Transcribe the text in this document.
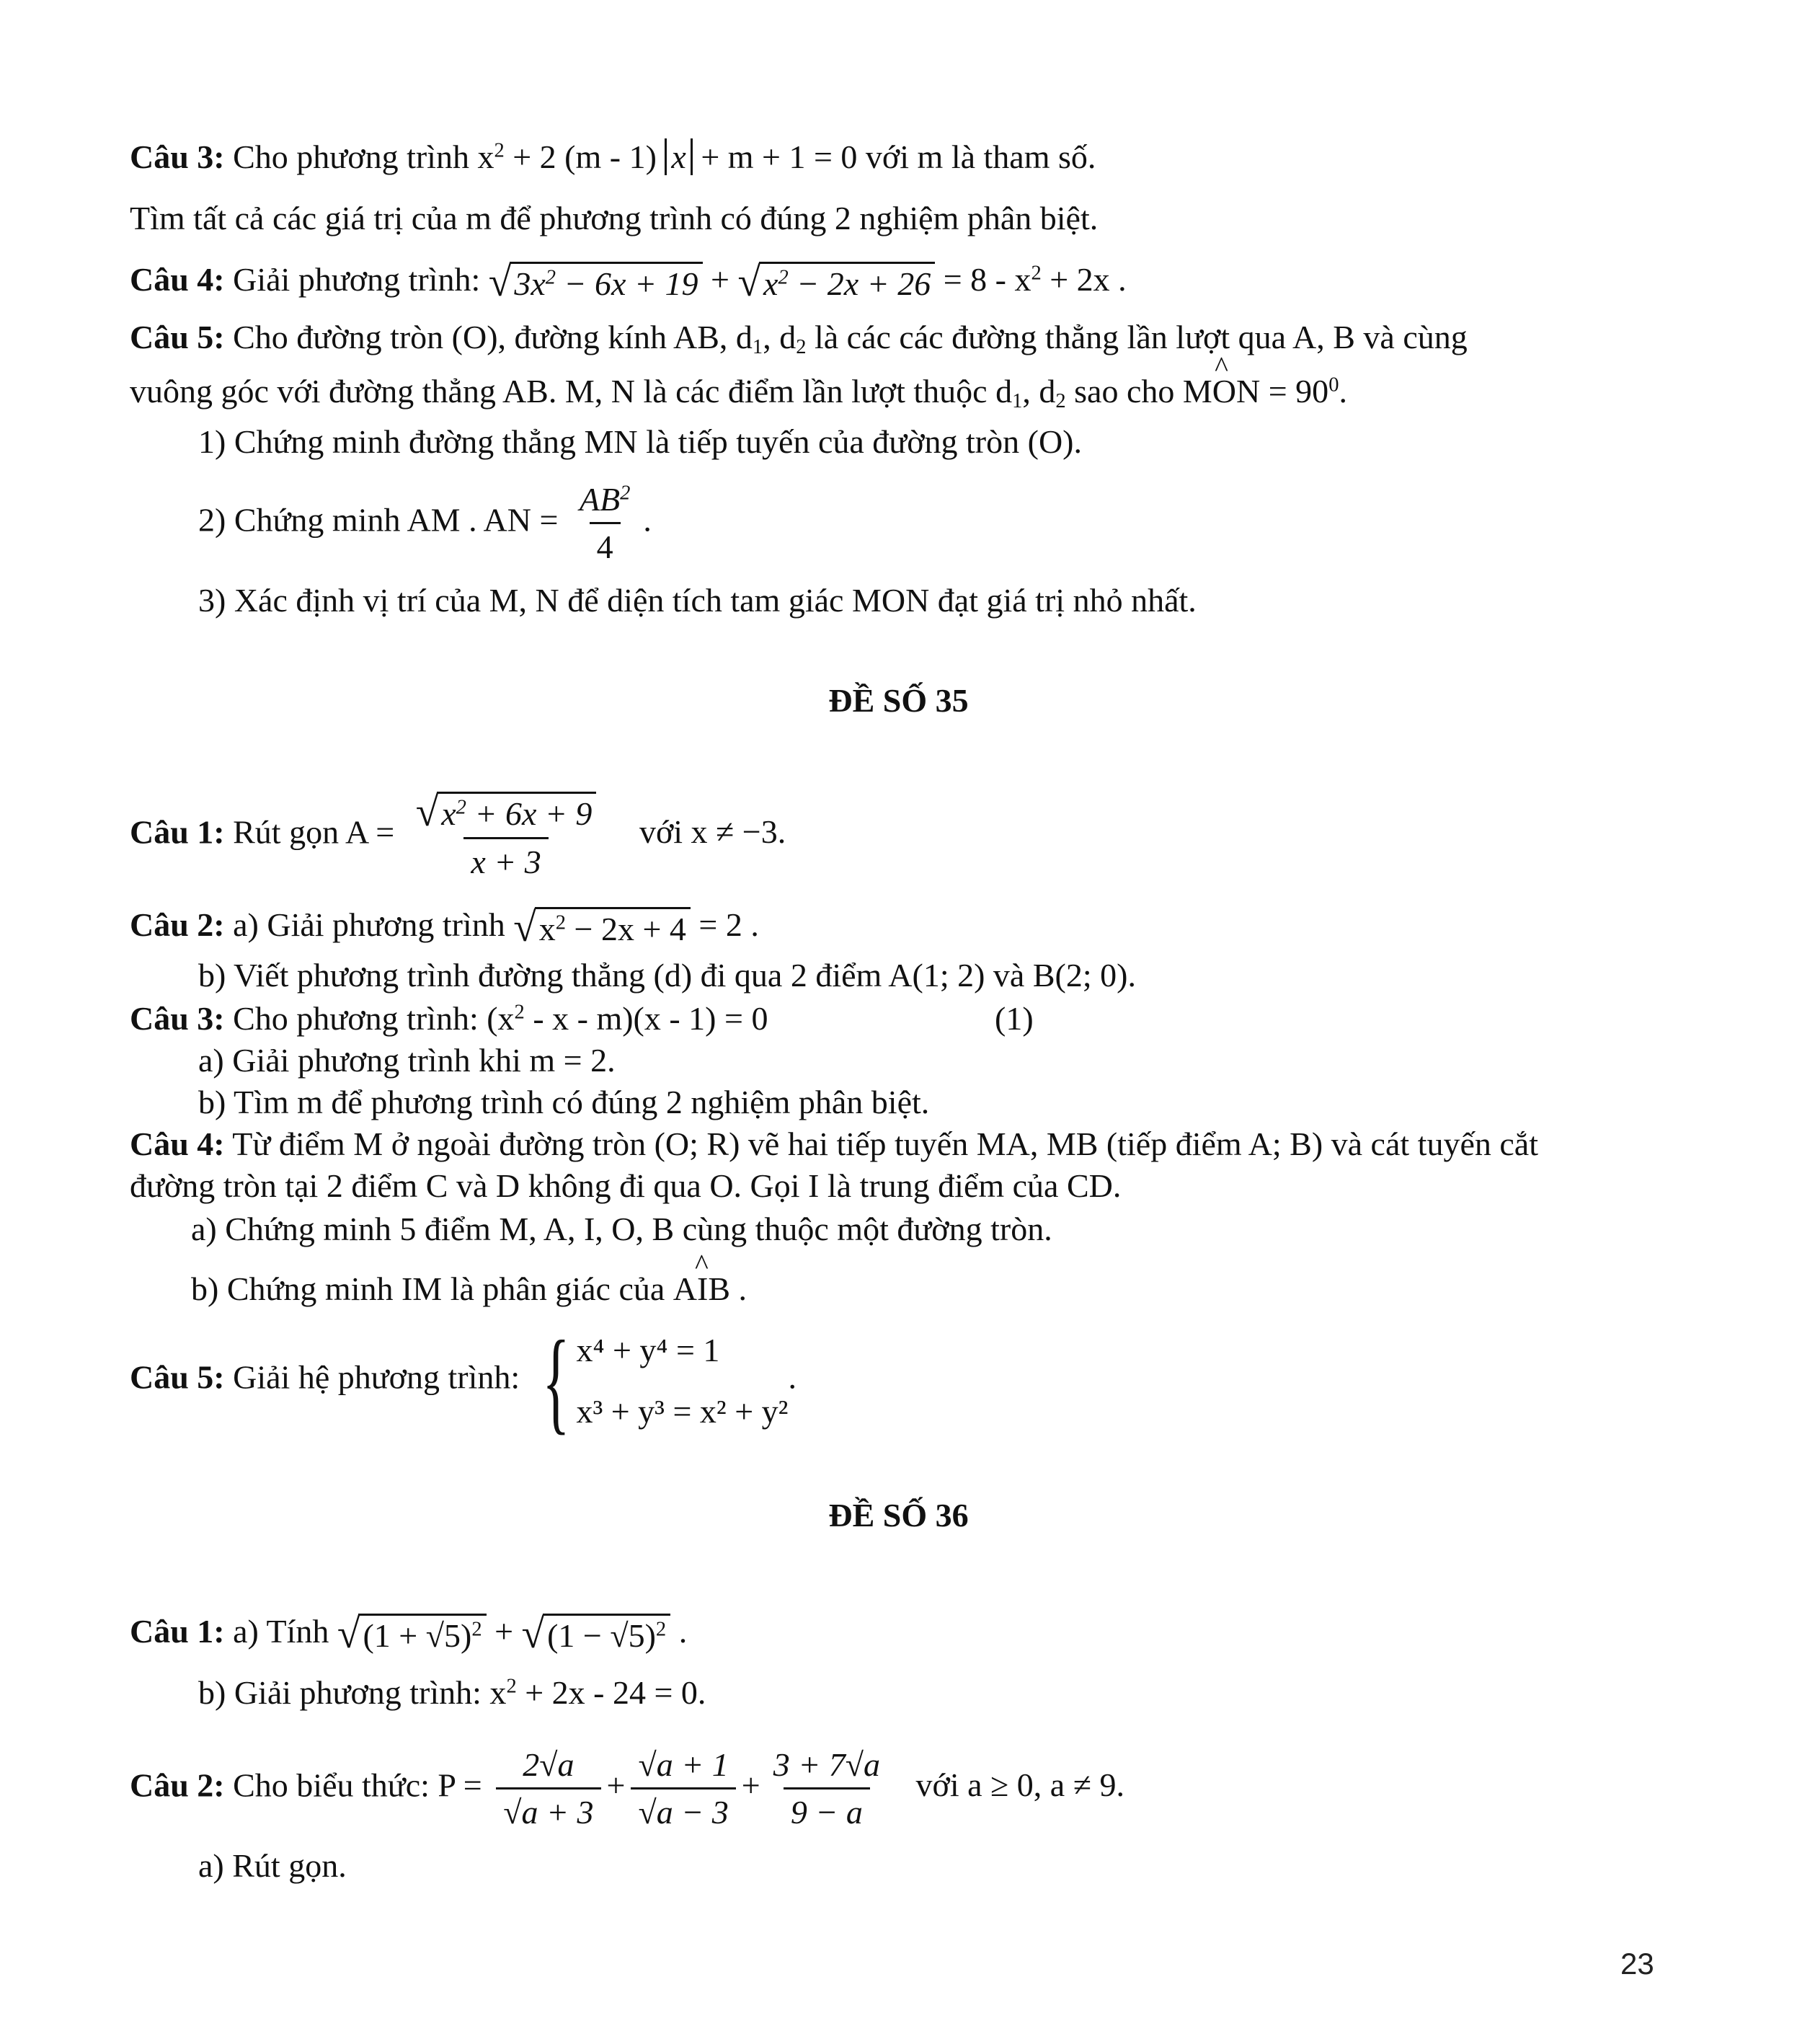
Câu 3: Cho phương trình $x^2 + 2$ (m - 1) x + m + 1 = 0 với m là tham số.
Tìm tất cả các giá trị của m để phương trình có đúng 2 nghiệm phân biệt.
Câu 4: Giải phương trình: √ $3x^2 - 6x + 19$ + √ $x^2 - 2x + 26 = 8 - x^2 + 2x$ .
Câu 5: Cho đường tròn (O), đường kính AB, $d_1$, $d_2$ là các các đường thẳng lần lượt qua A, B và cùng
vuông góc với đường thẳng AB. M, N là các điểm lần lượt thuộc $d_1$, $d_2$ sao cho ^ MON = $90^0$.
1) Chứng minh đường thẳng MN là tiếp tuyến của đường tròn (O).
2) Chứng minh AM . AN = $\frac{AB^2}{4}$ .
3) Xác định vị trí của M, N để diện tích tam giác MON đạt giá trị nhỏ nhất.
ĐỀ SỐ 35
Câu 1: Rút gọn $A = \frac{√ x^2 + 6x + 9}{x + 3}$ với x ≠ −3.
Câu 2: a) Giải phương trình √ $x^2 - 2x + 4 = 2$ .
b) Viết phương trình đường thẳng (d) đi qua 2 điểm A(1; 2) và B(2; 0).
Câu 3: Cho phương trình: $(x^2 - x - m)(x - 1) = 0$	(1)
a) Giải phương trình khi m = 2.
b) Tìm m để phương trình có đúng 2 nghiệm phân biệt.
Câu 4: Từ điểm M ở ngoài đường tròn (O; R) vẽ hai tiếp tuyến MA, MB (tiếp điểm A; B) và cát tuyến cắt
đường tròn tại 2 điểm C và D không đi qua O. Gọi I là trung điểm của CD.
a) Chứng minh 5 điểm M, A, I, O, B cùng thuộc một đường tròn.
b) Chứng minh IM là phân giác của ^ AIB .
Câu 5: Giải hệ phương trình: { x⁴ + y⁴ = 1
x³ + y³ = x² + y²
.
ĐỀ SỐ 36
Câu 1: a) Tính √ $(1 + √5)^2$ + √ $(1 - √5)^2$ .
b) Giải phương trình: $x^2 + 2x - 24 = 0$.
Câu 2: Cho biểu thức: $P = \frac{2√a}{√a + 3} + \frac{√a + 1}{√a - 3} + \frac{3 + 7√a}{9 - a}$ với a ≥ 0, a ≠ 9.
a) Rút gọn.
23
